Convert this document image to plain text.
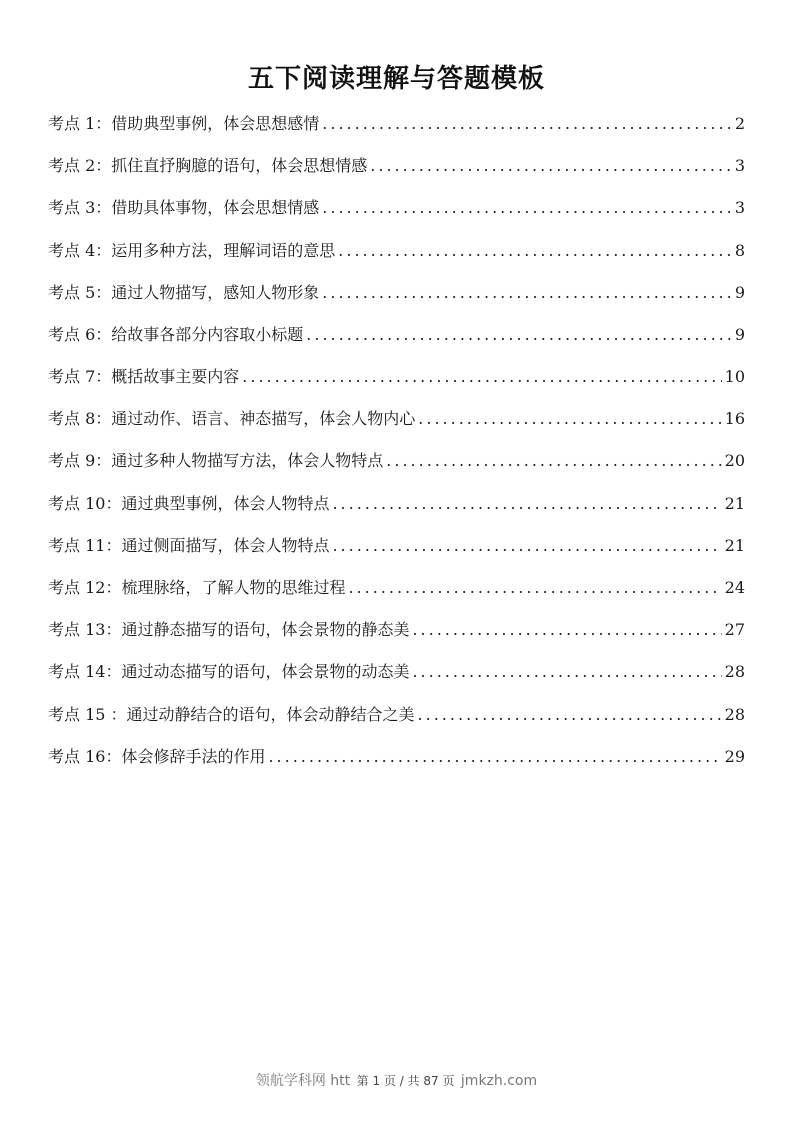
五下阅读理解与答题模板
考点 1：借助典型事例，体会思想感情 .....	2
考点 2：抓住直抒胸臆的语句，体会思想情感 .....	3
考点 3：借助具体事物，体会思想情感 .....	3
考点 4：运用多种方法，理解词语的意思 .....	8
考点 5：通过人物描写，感知人物形象 .....	9
考点 6：给故事各部分内容取小标题 .....	9
考点 7：概括故事主要内容 .....	10
考点 8：通过动作、语言、神态描写，体会人物内心 .....	16
考点 9：通过多种人物描写方法，体会人物特点 .....	20
考点 10：通过典型事例，体会人物特点 .....	21
考点 11：通过侧面描写，体会人物特点 .....	21
考点 12：梳理脉络，了解人物的思维过程 .....	24
考点 13：通过静态描写的语句，体会景物的静态美 .....	27
考点 14：通过动态描写的语句，体会景物的动态美 .....	28
考点 15 ：通过动静结合的语句，体会动静结合之美 .....	28
考点 16：体会修辞手法的作用 .....	29
领航学科网 htt 第 1 页 / 共 87 页 jmkzh.com
